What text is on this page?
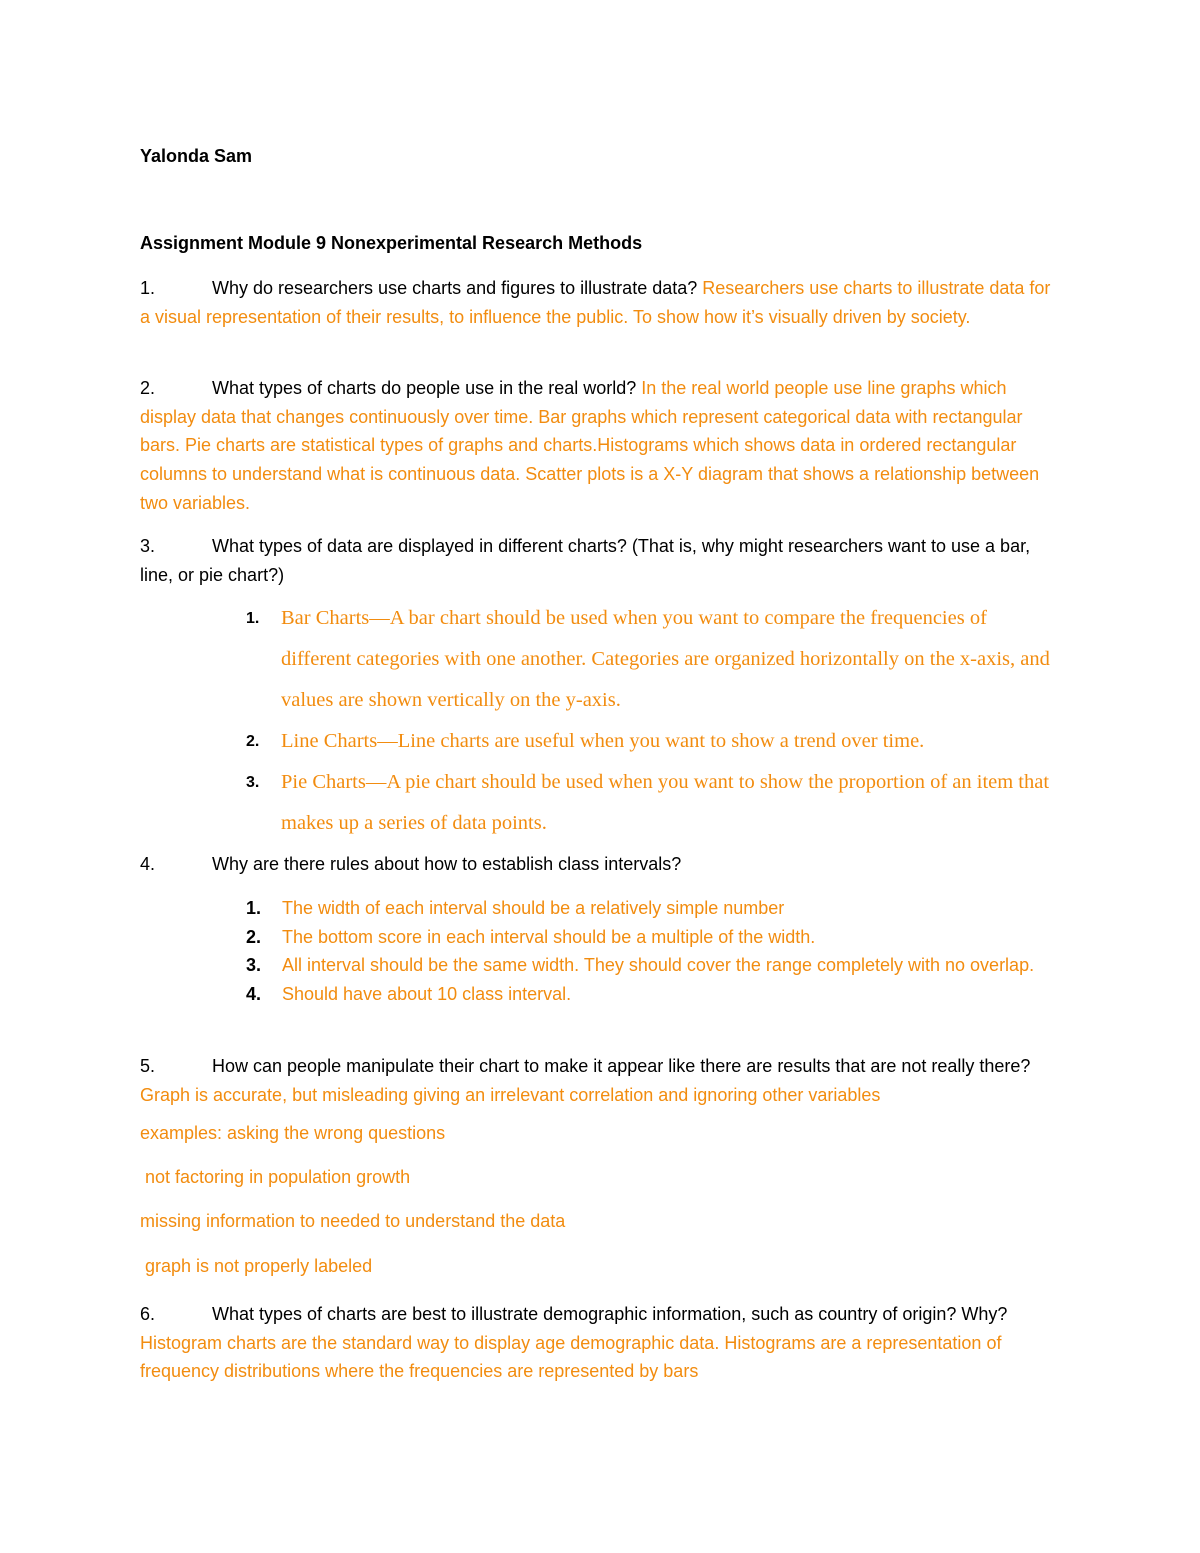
Yalonda Sam
Assignment Module 9 Nonexperimental Research Methods
1.	Why do researchers use charts and figures to illustrate data? Researchers use charts to illustrate data for a visual representation of their results, to influence the public. To show how it’s visually driven by society.
2.	What types of charts do people use in the real world? In the real world people use line graphs which display data that changes continuously over time. Bar graphs which represent categorical data with rectangular bars. Pie charts are statistical types of graphs and charts.Histograms which shows data in ordered rectangular columns to understand what is continuous data. Scatter plots is a X-Y diagram that shows a relationship between two variables.
3.	What types of data are displayed in different charts? (That is, why might researchers want to use a bar, line, or pie chart?)
1. Bar Charts—A bar chart should be used when you want to compare the frequencies of different categories with one another. Categories are organized horizontally on the x-axis, and values are shown vertically on the y-axis.
2. Line Charts—Line charts are useful when you want to show a trend over time.
3. Pie Charts—A pie chart should be used when you want to show the proportion of an item that makes up a series of data points.
4.	Why are there rules about how to establish class intervals?
1. The width of each interval should be a relatively simple number
2. The bottom score in each interval should be a multiple of the width.
3. All interval should be the same width. They should cover the range completely with no overlap.
4. Should have about 10 class interval.
5.	How can people manipulate their chart to make it appear like there are results that are not really there? Graph is accurate, but misleading giving an irrelevant correlation and ignoring other variables
examples: asking the wrong questions
not factoring in population growth
missing information to needed to understand the data
graph is not properly labeled
6.	What types of charts are best to illustrate demographic information, such as country of origin? Why? Histogram charts are the standard way to display age demographic data. Histograms are a representation of frequency distributions where the frequencies are represented by bars
